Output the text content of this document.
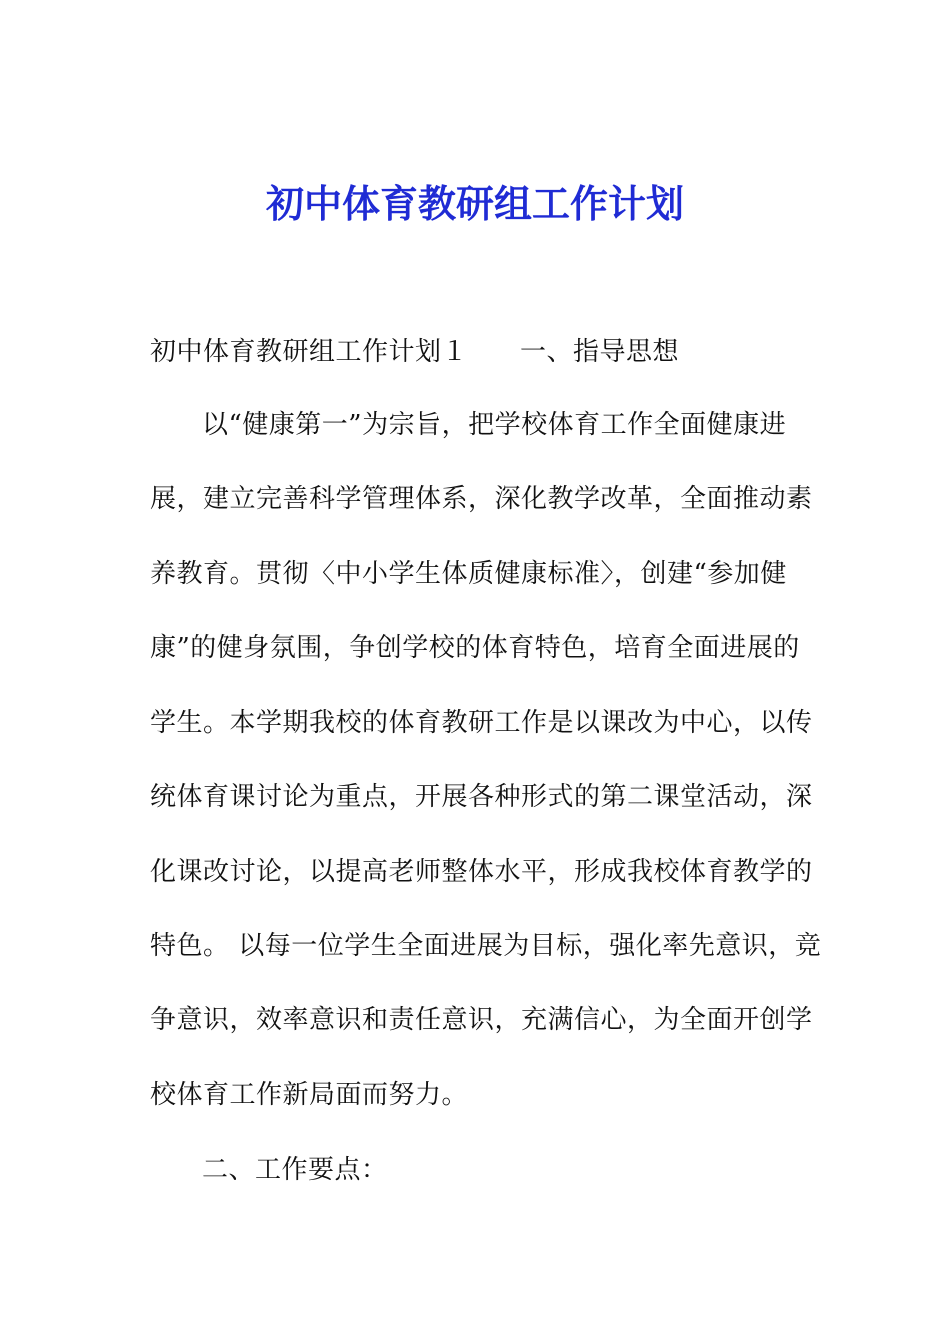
初中体育教研组工作计划
初中体育教研组工作计划１ 一、指导思想
以“健康第一”为宗旨，把学校体育工作全面健康进
展，建立完善科学管理体系，深化教学改革，全面推动素
养教育。贯彻〈中小学生体质健康标准〉，创建“参加健
康”的健身氛围，争创学校的体育特色，培育全面进展的
学生。本学期我校的体育教研工作是以课改为中心，以传
统体育课讨论为重点，开展各种形式的第二课堂活动，深
化课改讨论，以提高老师整体水平，形成我校体育教学的
特色。 以每一位学生全面进展为目标，强化率先意识，竞
争意识，效率意识和责任意识，充满信心，为全面开创学
校体育工作新局面而努力。
二、工作要点：
